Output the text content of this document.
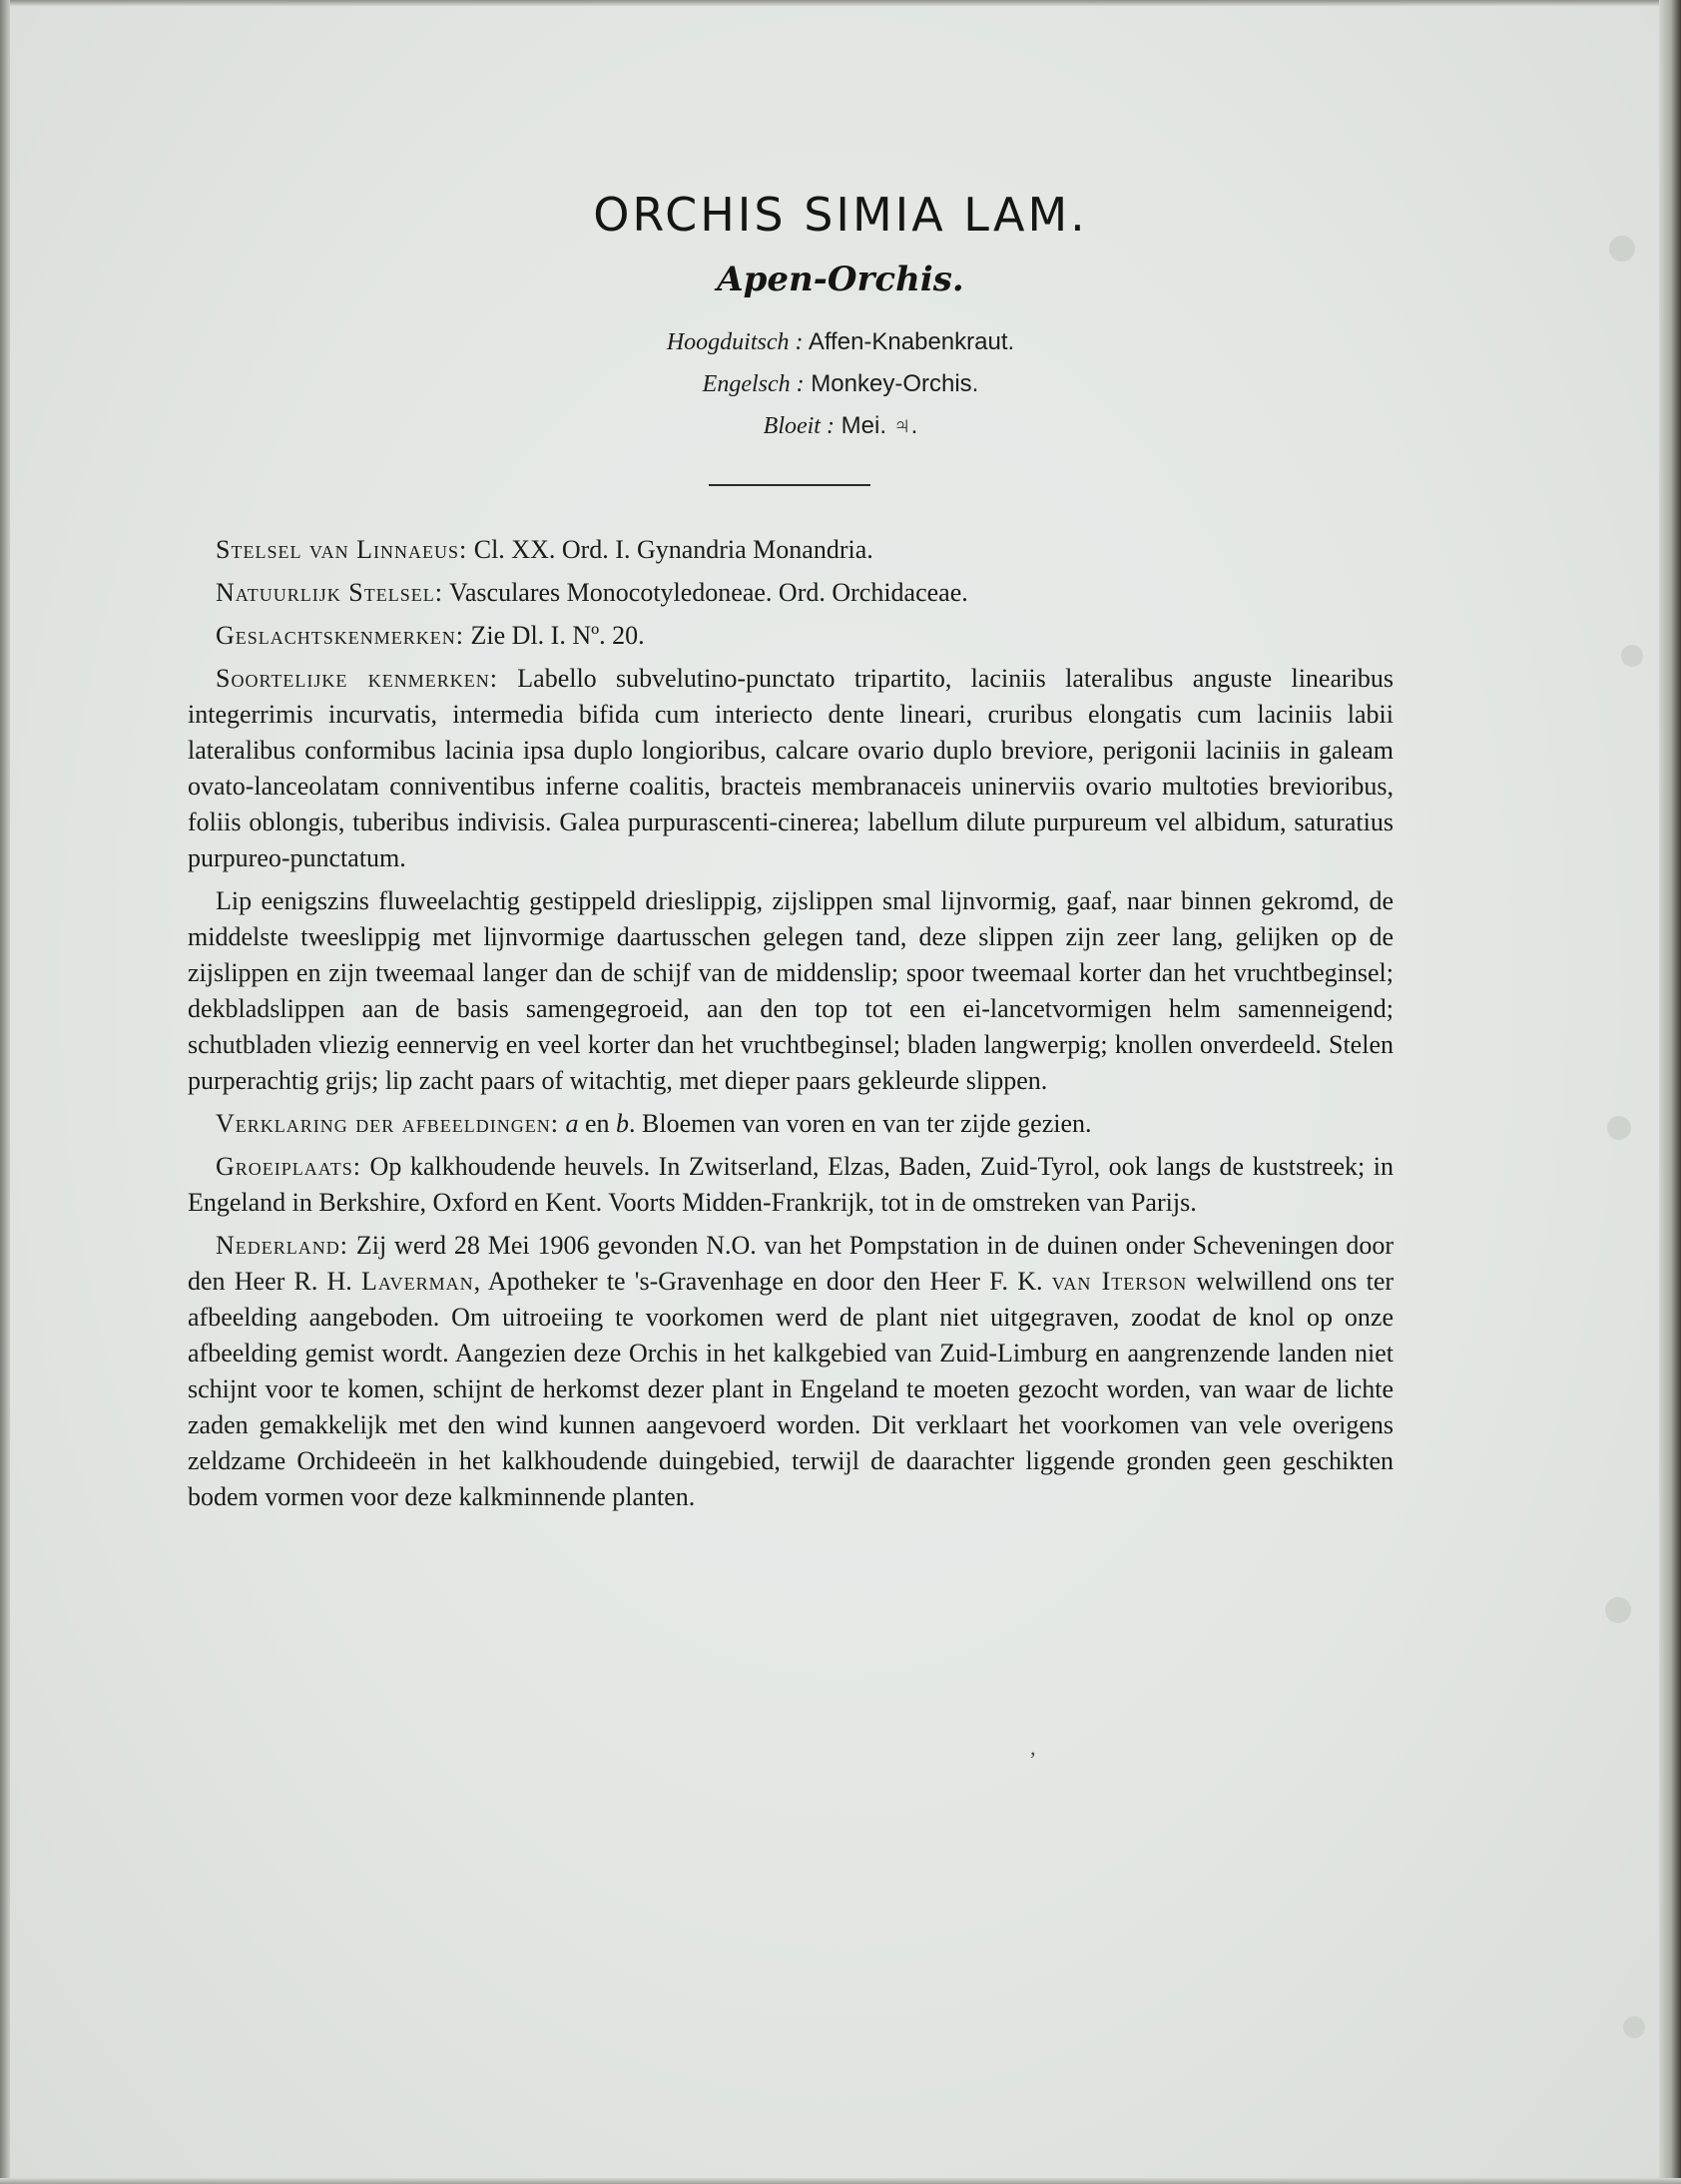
ORCHIS SIMIA LAM.
Apen-Orchis.
Hoogduitsch : Affen-Knabenkraut.
Engelsch : Monkey-Orchis.
Bloeit : Mei. ♃.

Stelsel van Linnaeus: Cl. XX. Ord. I. Gynandria Monandria.

Natuurlijk Stelsel: Vasculares Monocotyledoneae. Ord. Orchidaceae.

Geslachtskenmerken: Zie Dl. I. Nº. 20.

Soortelijke kenmerken: Labello subvelutino-punctato tripartito, laciniis lateralibus anguste linearibus integerrimis incurvatis, intermedia bifida cum interiecto dente lineari, cruribus elongatis cum laciniis labii lateralibus conformibus lacinia ipsa duplo longioribus, calcare ovario duplo breviore, perigonii laciniis in galeam ovato-lanceolatam conniventibus inferne coalitis, bracteis membranaceis uninerviis ovario multoties brevioribus, foliis oblongis, tuberibus indivisis. Galea purpurascenti-cinerea; labellum dilute purpureum vel albidum, saturatius purpureo-punctatum.

Lip eenigszins fluweelachtig gestippeld drieslippig, zijslippen smal lijnvormig, gaaf, naar binnen gekromd, de middelste tweeslippig met lijnvormige daartusschen gelegen tand, deze slippen zijn zeer lang, gelijken op de zijslippen en zijn tweemaal langer dan de schijf van de middenslip; spoor tweemaal korter dan het vruchtbeginsel; dekbladslippen aan de basis samengegroeid, aan den top tot een ei-lancetvormigen helm samenneigend; schutbladen vliezig eennervig en veel korter dan het vruchtbeginsel; bladen langwerpig; knollen onverdeeld. Stelen purperachtig grijs; lip zacht paars of witachtig, met dieper paars gekleurde slippen.

Verklaring der afbeeldingen: a en b. Bloemen van voren en van ter zijde gezien.

Groeiplaats: Op kalkhoudende heuvels. In Zwitserland, Elzas, Baden, Zuid-Tyrol, ook langs de kuststreek; in Engeland in Berkshire, Oxford en Kent. Voorts Midden-Frankrijk, tot in de omstreken van Parijs.

Nederland: Zij werd 28 Mei 1906 gevonden N.O. van het Pompstation in de duinen onder Scheveningen door den Heer R. H. Laverman, Apotheker te 's-Gravenhage en door den Heer F. K. van Iterson welwillend ons ter afbeelding aangeboden. Om uitroeiing te voorkomen werd de plant niet uitgegraven, zoodat de knol op onze afbeelding gemist wordt. Aangezien deze Orchis in het kalkgebied van Zuid-Limburg en aangrenzende landen niet schijnt voor te komen, schijnt de herkomst dezer plant in Engeland te moeten gezocht worden, van waar de lichte zaden gemakkelijk met den wind kunnen aangevoerd worden. Dit verklaart het voorkomen van vele overigens zeldzame Orchideeën in het kalkhoudende duingebied, terwijl de daarachter liggende gronden geen geschikten bodem vormen voor deze kalkminnende planten.

‚
